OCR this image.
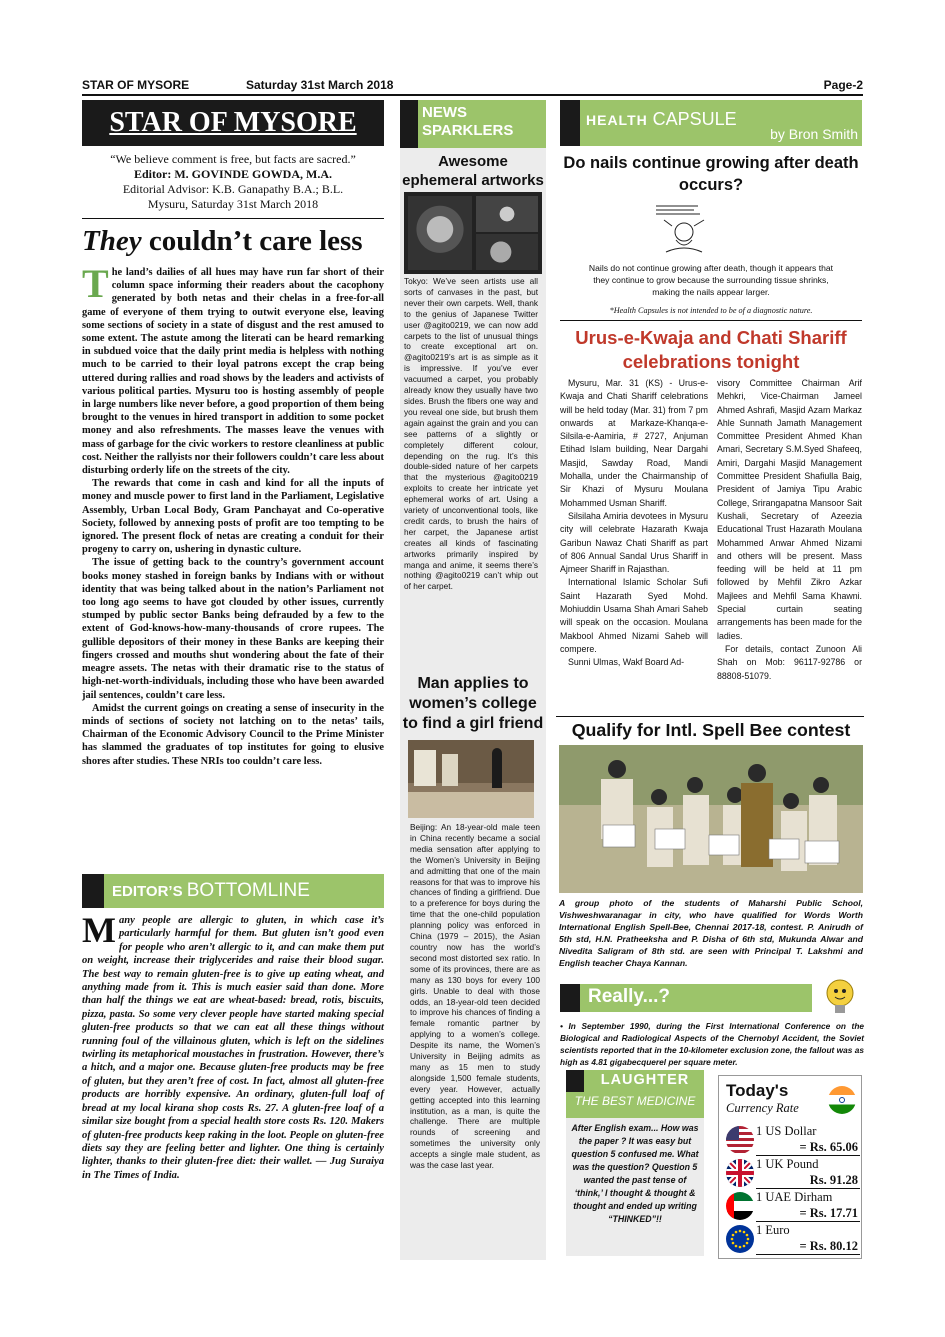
STAR OF MYSORE	Saturday 31st March 2018	Page-2
STAR OF MYSORE
“We believe comment is free, but facts are sacred.”
Editor: M. GOVINDE GOWDA, M.A.
Editorial Advisor: K.B. Ganapathy B.A.; B.L.
Mysuru, Saturday 31st March 2018
They couldn’t care less

The land’s dailies of all hues may have run far short of their column space informing their readers about the cacophony generated by both netas and their chelas in a free-for-all game of everyone of them trying to outwit everyone else, leaving some sections of society in a state of disgust and the rest amused to some extent. The astute among the literati can be heard remarking in subdued voice that the daily print media is helpless with nothing much to be carried to their loyal patrons except the crap being uttered during rallies and road shows by the leaders and activists of various political parties. Mysuru too is hosting assembly of people in large numbers like never before, a good proportion of them being brought to the venues in hired transport in addition to some pocket money and also refreshments. The masses leave the venues with mass of garbage for the civic workers to restore cleanliness at public cost. Neither the rallyists nor their followers couldn’t care less about disturbing orderly life on the streets of the city.

The rewards that come in cash and kind for all the inputs of money and muscle power to first land in the Parliament, Legislative Assembly, Urban Local Body, Gram Panchayat and Co-operative Society, followed by annexing posts of profit are too tempting to be ignored. The present flock of netas are creating a conduit for their progeny to carry on, ushering in dynastic culture.

The issue of getting back to the country’s government account books money stashed in foreign banks by Indians with or without identity that was being talked about in the nation’s Parliament not too long ago seems to have got clouded by other issues, currently stumped by public sector Banks being defrauded by a few to the extent of God-knows-how-many-thousands of crore rupees. The gullible depositors of their money in these Banks are keeping their fingers crossed and mouths shut wondering about the fate of their meagre assets. The netas with their dramatic rise to the status of high-net-worth-individuals, including those who have been awarded jail sentences, couldn’t care less.

Amidst the current goings on creating a sense of insecurity in the minds of sections of society not latching on to the netas’ tails, Chairman of the Economic Advisory Council to the Prime Minister has slammed the graduates of top institutes for going to elusive shores after studies. These NRIs too couldn’t care less.

EDITOR’S BOTTOMLINE
Many people are allergic to gluten, in which case it’s particularly harmful for them. But gluten isn’t good even for people who aren’t allergic to it, and can make them put on weight, increase their triglycerides and raise their blood sugar. The best way to remain gluten-free is to give up eating wheat, and anything made from it. This is much easier said than done. More than half the things we eat are wheat-based: bread, rotis, biscuits, pizza, pasta. So some very clever people have started making special gluten-free products so that we can eat all these things without running foul of the villainous gluten, which is left on the sidelines twirling its metaphorical moustaches in frustration. However, there’s a hitch, and a major one. Because gluten-free products may be free of gluten, but they aren’t free of cost. In fact, almost all gluten-free products are horribly expensive. An ordinary, gluten-full loaf of bread at my local kirana shop costs Rs. 27. A gluten-free loaf of a similar size bought from a special health store costs Rs. 120. Makers of gluten-free products keep raking in the loot. People on gluten-free diets say they are feeling better and lighter. One thing is certainly lighter, thanks to their gluten-free diet: their wallet. — Jug Suraiya in The Times of India.
NEWS
SPARKLERS
Awesome ephemeral artworks
Tokyo: We’ve seen artists use all sorts of canvases in the past, but never their own carpets. Well, thank to the genius of Japanese Twitter user @agito0219, we can now add carpets to the list of unusual things to create exceptional art on. @agito0219’s art is as simple as it is impressive. If you’ve ever vacuumed a carpet, you probably already know they usually have two sides. Brush the fibers one way and you reveal one side, but brush them again against the grain and you can see patterns of a slightly or completely different colour, depending on the rug. It’s this double-sided nature of her carpets that the mysterious @agito0219 exploits to create her intricate yet ephemeral works of art. Using a variety of unconventional tools, like credit cards, to brush the hairs of her carpet, the Japanese artist creates all kinds of fascinating artworks primarily inspired by manga and anime, it seems there’s nothing @agito0219 can’t whip out of her carpet.
Man applies to women’s college to find a girl friend
Beijing: An 18-year-old male teen in China recently became a social media sensation after applying to the Women’s University in Beijing and admitting that one of the main reasons for that was to improve his chances of finding a girlfriend. Due to a preference for boys during the time that the one-child population planning policy was enforced in China (1979 – 2015), the Asian country now has the world’s second most distorted sex ratio. In some of its provinces, there are as many as 130 boys for every 100 girls. Unable to deal with those odds, an 18-year-old teen decided to improve his chances of finding a female romantic partner by applying to a women’s college. Despite its name, the Women’s University in Beijing admits as many as 15 men to study alongside 1,500 female students, every year. However, actually getting accepted into this learning institution, as a man, is quite the challenge. There are multiple rounds of screening and sometimes the university only accepts a single male student, as was the case last year.
HEALTH CAPSULE
by Bron Smith
Do nails continue growing after death occurs?
Nails do not continue growing after death, though it appears that they continue to grow because the surrounding tissue shrinks, making the nails appear larger.
*Health Capsules is not intended to be of a diagnostic nature.
Urus-e-Kwaja and Chati Shariff celebrations tonight

Mysuru, Mar. 31 (KS) - Urus-e-Kwaja and Chati Shariff celebrations will be held today (Mar. 31) from 7 pm onwards at Markaze-Khanqa-e-Silsila-e-Aamiria, # 2727, Anjuman Etihad Islam building, Near Dargahi Masjid, Sawday Road, Mandi Mohalla, under the Chairmanship of Sir Khazi of Mysuru Moulana Mohammed Usman Shariff.

Silsilaha Amiria devotees in Mysuru city will celebrate Hazarath Kwaja Garibun Nawaz Chati Shariff as part of 806 Annual Sandal Urus Shariff in Ajmeer Shariff in Rajasthan.

International Islamic Scholar Sufi Saint Hazarath Syed Mohd. Mohiuddin Usama Shah Amari Saheb will speak on the occasion. Moulana Makbool Ahmed Nizami Saheb will compere.

Sunni Ulmas, Wakf Board Ad-

visory Committee Chairman Arif Mehkri, Vice-Chairman Jameel Ahmed Ashrafi, Masjid Azam Markaz Ahle Sunnath Jamath Management Committee President Ahmed Khan Amari, Secretary S.M.Syed Shafeeq, Amiri, Dargahi Masjid Management Committee President Shafiulla Baig, President of Jamiya Tipu Arabic College, Srirangapatna Mansoor Sait Kushali, Secretary of Azeezia Educational Trust Hazarath Moulana Mohammed Anwar Ahmed Nizami and others will be present. Mass feeding will be held at 11 pm followed by Mehfil Zikro Azkar Majlees and Mehfil Sama Khawni. Special curtain seating arrangements has been made for the ladies.

For details, contact Zunoon Ali Shah on Mob: 96117-92786 or 88808-51079.

Qualify for Intl. Spell Bee contest
A group photo of the students of Maharshi Public School, Vishweshwaranagar in city, who have qualified for Words Worth International English Spell-Bee, Chennai 2017-18, contest. P. Anirudh of 5th std, H.N. Pratheeksha and P. Disha of 6th std, Mukunda Alwar and Nivedita Saligram of 8th std. are seen with Principal T. Lakshmi and English teacher Chaya Kannan.
Really...?
• In September 1990, during the First International Conference on the Biological and Radiological Aspects of the Chernobyl Accident, the Soviet scientists reported that in the 10-kilometer exclusion zone, the fallout was as high as 4.81 gigabecquerel per square meter.
LAUGHTER
THE BEST MEDICINE
After English exam... How was the paper ? It was easy but question 5 confused me. What was the question? Question 5 wanted the past tense of ‘think,’ I thought & thought & thought and ended up writing “THINKED”!!
Today's
Currency Rate
1 US Dollar
= Rs. 65.06
1 UK Pound
Rs. 91.28
1 UAE Dirham
= Rs. 17.71
1 Euro
= Rs. 80.12
